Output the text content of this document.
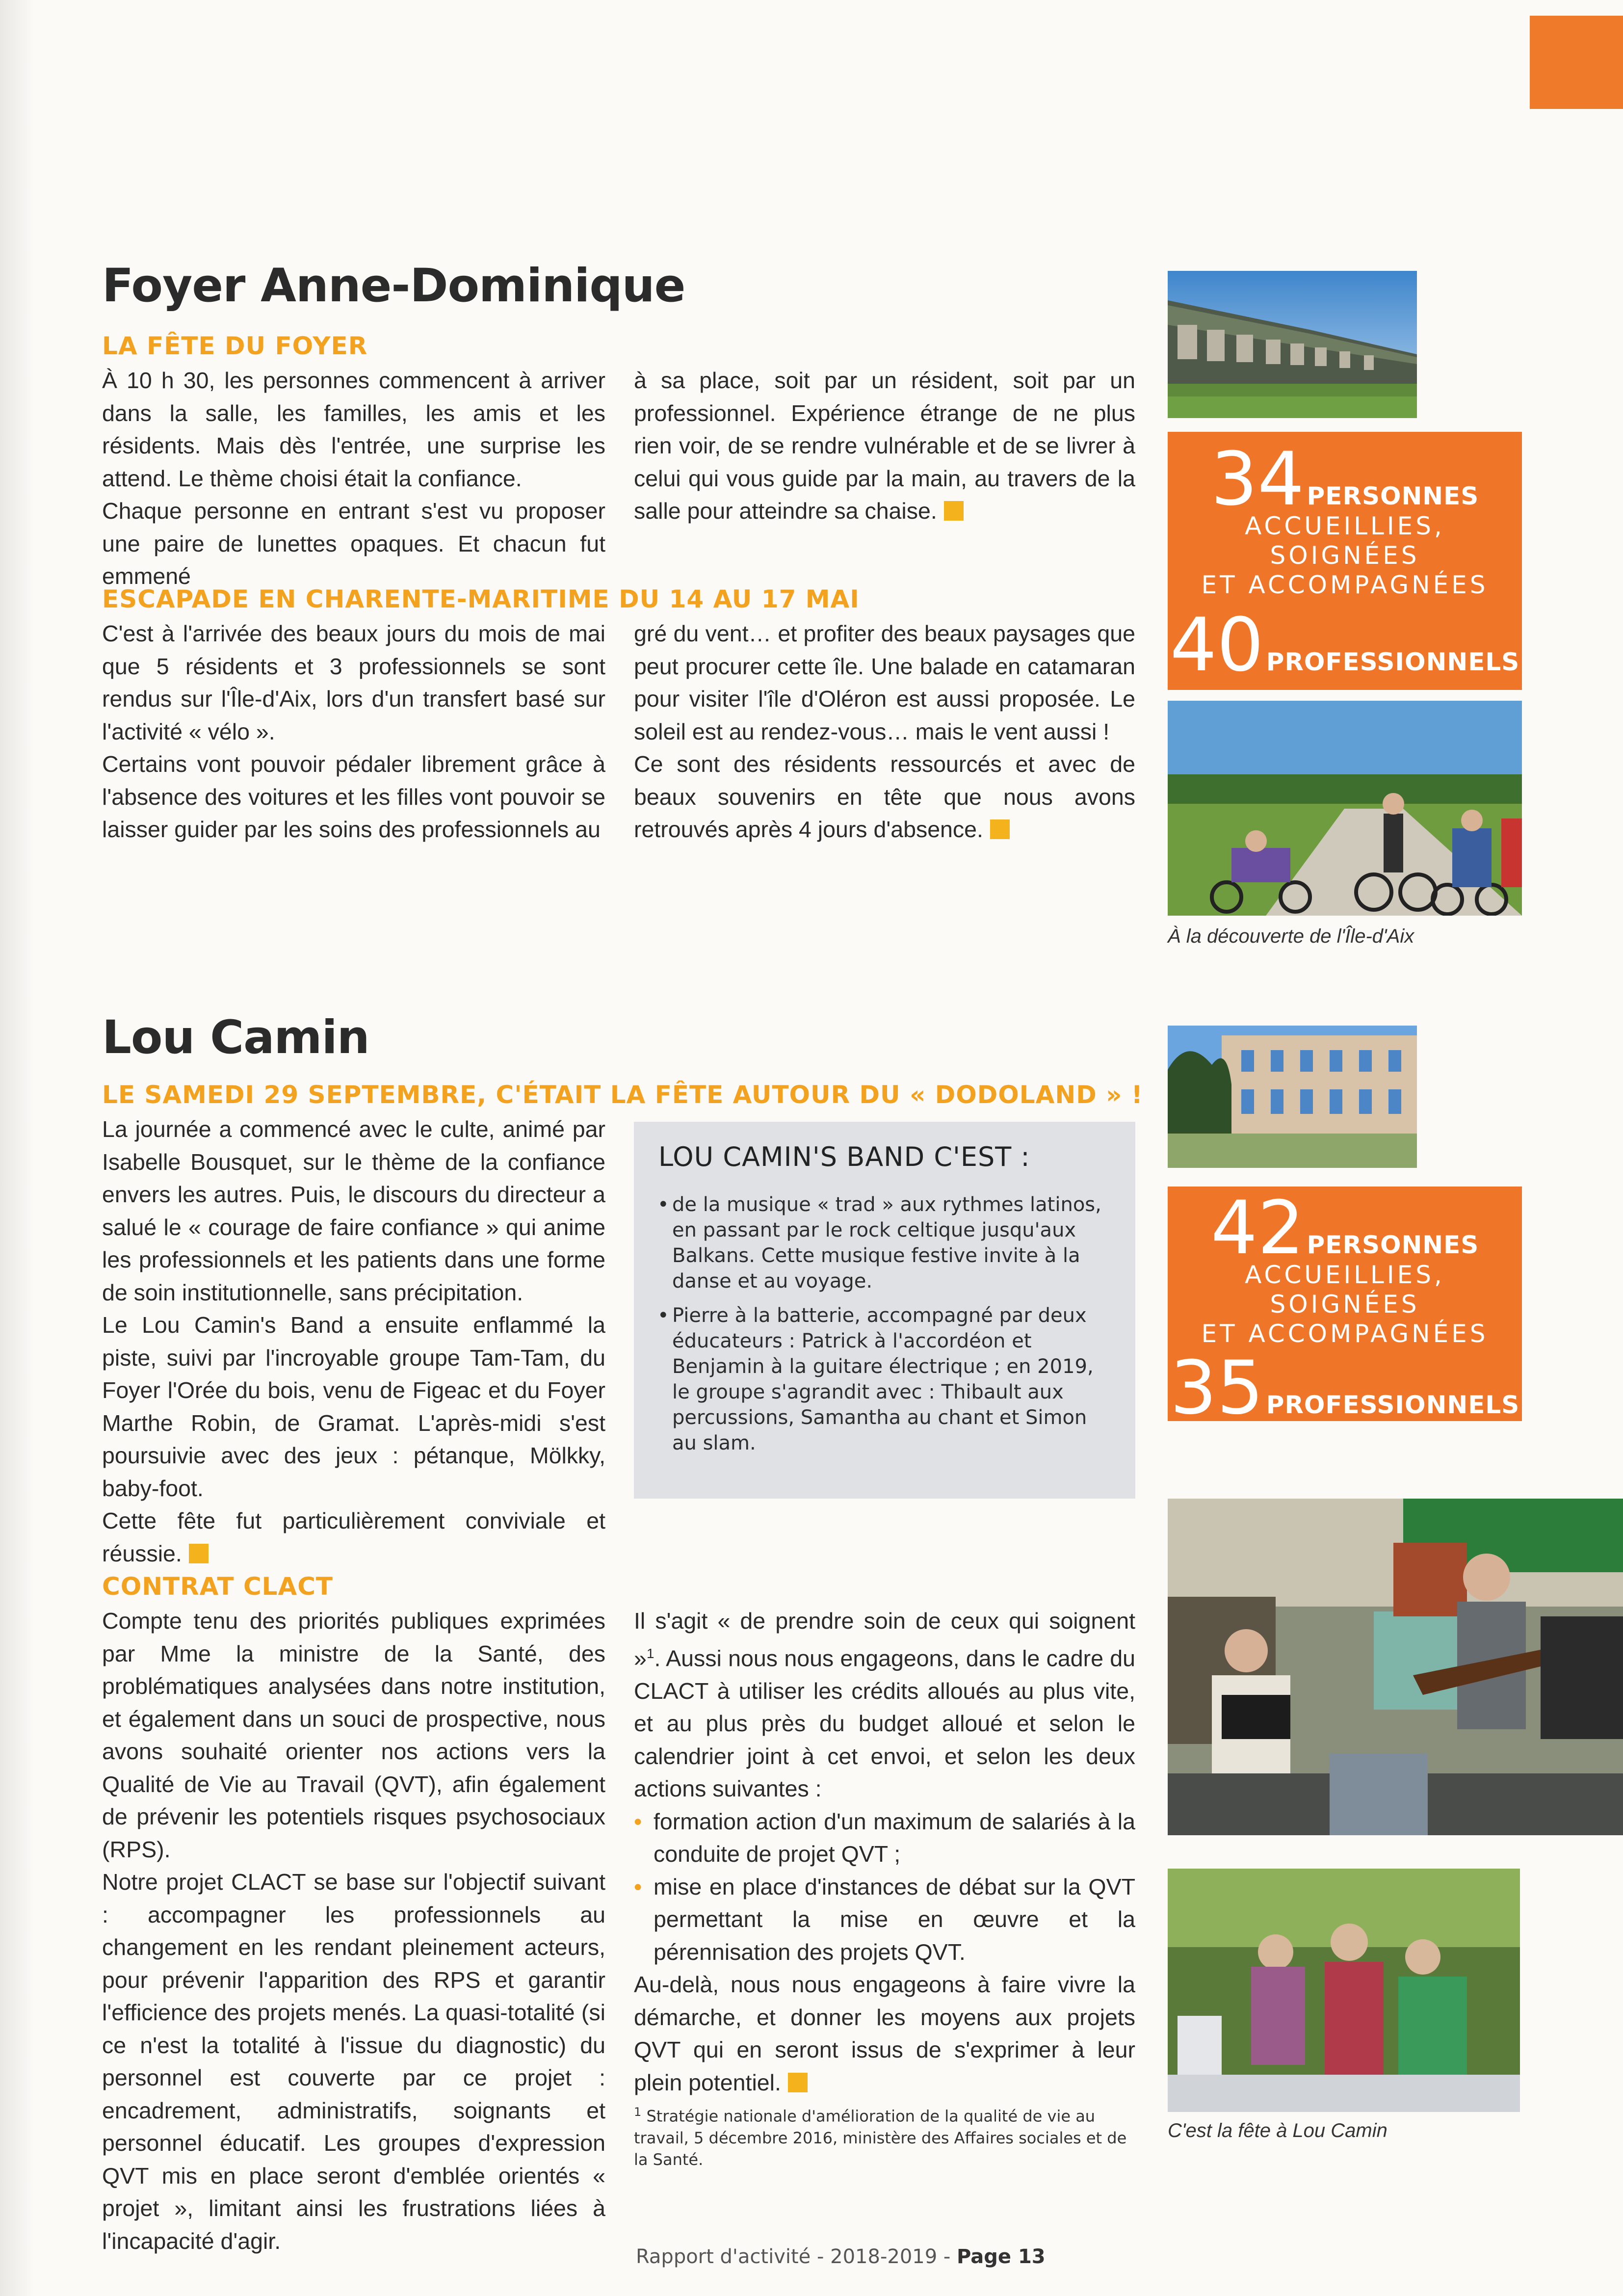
Foyer Anne-Dominique
LA FÊTE DU FOYER

À 10 h 30, les personnes commencent à arriver dans la salle, les familles, les amis et les résidents. Mais dès l'entrée, une surprise les attend. Le thème choisi était la confiance.

Chaque personne en entrant s'est vu proposer une paire de lunettes opaques. Et chacun fut emmené

à sa place, soit par un résident, soit par un professionnel. Expérience étrange de ne plus rien voir, de se rendre vulnérable et de se livrer à celui qui vous guide par la main, au travers de la salle pour atteindre sa chaise.

ESCAPADE EN CHARENTE-MARITIME DU 14 AU 17 MAI

C'est à l'arrivée des beaux jours du mois de mai que 5 résidents et 3 professionnels se sont rendus sur l'Île-d'Aix, lors d'un transfert basé sur l'activité « vélo ».

Certains vont pouvoir pédaler librement grâce à l'absence des voitures et les filles vont pouvoir se laisser guider par les soins des professionnels au

gré du vent… et profiter des beaux paysages que peut procurer cette île. Une balade en catamaran pour visiter l'île d'Oléron est aussi proposée. Le soleil est au rendez-vous… mais le vent aussi !

Ce sont des résidents ressourcés et avec de beaux souvenirs en tête que nous avons retrouvés après 4 jours d'absence.

34 PERSONNES
ACCUEILLIES, SOIGNÉES
ET ACCOMPAGNÉES
40 PROFESSIONNELS
À la découverte de l'Île-d'Aix
Lou Camin
LE SAMEDI 29 SEPTEMBRE, C'ÉTAIT LA FÊTE AUTOUR DU « DODOLAND » !

La journée a commencé avec le culte, animé par Isabelle Bousquet, sur le thème de la confiance envers les autres. Puis, le discours du directeur a salué le « courage de faire confiance » qui anime les professionnels et les patients dans une forme de soin institutionnelle, sans précipitation.

Le Lou Camin's Band a ensuite enflammé la piste, suivi par l'incroyable groupe Tam-Tam, du Foyer l'Orée du bois, venu de Figeac et du Foyer Marthe Robin, de Gramat. L'après-midi s'est poursuivie avec des jeux : pétanque, Mölkky, baby-foot.

Cette fête fut particulièrement conviviale et réussie.

LOU CAMIN'S BAND C'EST :
• de la musique « trad » aux rythmes latinos, en passant par le rock celtique jusqu'aux Balkans. Cette musique festive invite à la danse et au voyage.
• Pierre à la batterie, accompagné par deux éducateurs : Patrick à l'accordéon et Benjamin à la guitare électrique ; en 2019, le groupe s'agrandit avec : Thibault aux percussions, Samantha au chant et Simon au slam.
42 PERSONNES
ACCUEILLIES, SOIGNÉES
ET ACCOMPAGNÉES
35 PROFESSIONNELS
C'est la fête à Lou Camin
CONTRAT CLACT

Compte tenu des priorités publiques exprimées par Mme la ministre de la Santé, des problématiques analysées dans notre institution, et également dans un souci de prospective, nous avons souhaité orienter nos actions vers la Qualité de Vie au Travail (QVT), afin également de prévenir les potentiels risques psychosociaux (RPS).

Notre projet CLACT se base sur l'objectif suivant : accompagner les professionnels au changement en les rendant pleinement acteurs, pour prévenir l'apparition des RPS et garantir l'efficience des projets menés. La quasi-totalité (si ce n'est la totalité à l'issue du diagnostic) du personnel est couverte par ce projet : encadrement, administratifs, soignants et personnel éducatif. Les groupes d'expression QVT mis en place seront d'emblée orientés « projet », limitant ainsi les frustrations liées à l'incapacité d'agir.

Il s'agit « de prendre soin de ceux qui soignent »$^1$. Aussi nous nous engageons, dans le cadre du CLACT à utiliser les crédits alloués au plus vite, et au plus près du budget alloué et selon le calendrier joint à cet envoi, et selon les deux actions suivantes :

• formation action d'un maximum de salariés à la conduite de projet QVT ;
• mise en place d'instances de débat sur la QVT permettant la mise en œuvre et la pérennisation des projets QVT.

Au-delà, nous nous engageons à faire vivre la démarche, et donner les moyens aux projets QVT qui en seront issus de s'exprimer à leur plein potentiel.

$^1$ Stratégie nationale d'amélioration de la qualité de vie au travail, 5 décembre 2016, ministère des Affaires sociales et de la Santé.
Rapport d'activité - 2018-2019 - Page 13
